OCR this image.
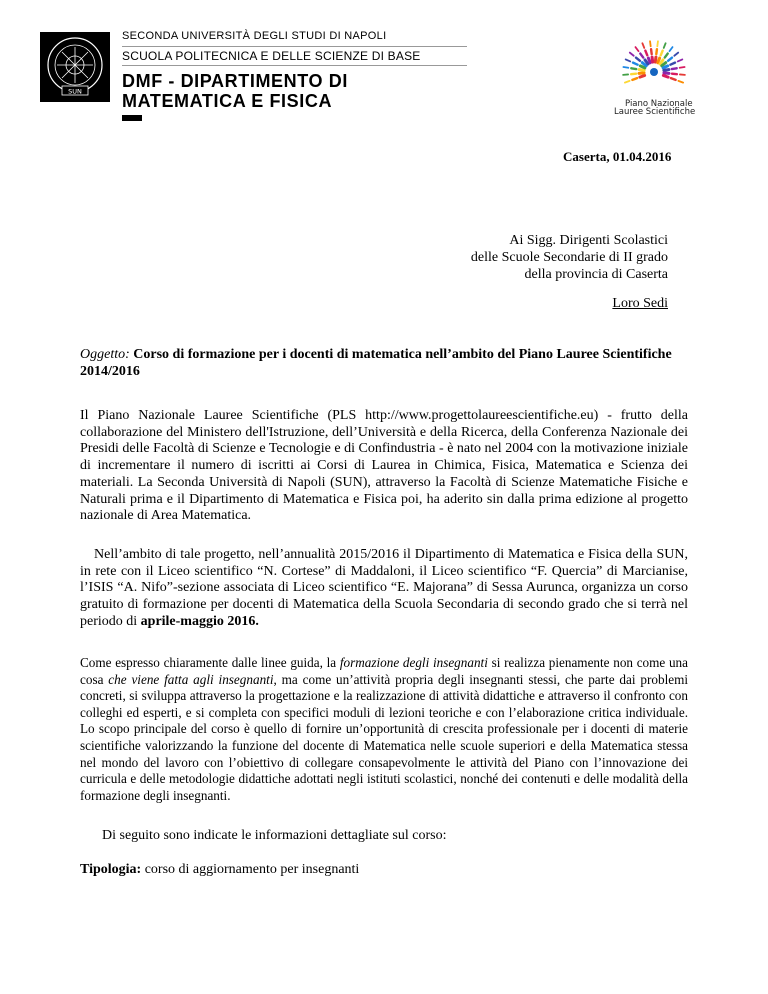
SUN
SECONDA UNIVERSITÀ DEGLI STUDI DI NAPOLI
SCUOLA POLITECNICA E DELLE SCIENZE DI BASE
DMF - DIPARTIMENTO DI
MATEMATICA E FISICA	Piano Nazionale
Lauree Scientifiche
Caserta, 01.04.2016
Ai Sigg. Dirigenti Scolastici
delle Scuole Secondarie di II grado
della provincia di Caserta
Loro Sedi
Oggetto: Corso di formazione per i docenti di matematica nell’ambito del Piano Lauree Scientifiche 2014/2016
Il Piano Nazionale Lauree Scientifiche (PLS http://www.progettolaureescientifiche.eu) - frutto della collaborazione del Ministero dell'Istruzione, dell’Università e della Ricerca, della Conferenza Nazionale dei Presidi delle Facoltà di Scienze e Tecnologie e di Confindustria - è nato nel 2004 con la motivazione iniziale di incrementare il numero di iscritti ai Corsi di Laurea in Chimica, Fisica, Matematica e Scienza dei materiali. La Seconda Università di Napoli (SUN), attraverso la Facoltà di Scienze Matematiche Fisiche e Naturali prima e il Dipartimento di Matematica e Fisica poi, ha aderito sin dalla prima edizione al progetto nazionale di Area Matematica.
Nell’ambito di tale progetto, nell’annualità 2015/2016 il Dipartimento di Matematica e Fisica della SUN, in rete con il Liceo scientifico “N. Cortese” di Maddaloni, il Liceo scientifico “F. Quercia” di Marcianise, l’ISIS “A. Nifo”-sezione associata di Liceo scientifico “E. Majorana” di Sessa Aurunca, organizza un corso gratuito di formazione per docenti di Matematica della Scuola Secondaria di secondo grado che si terrà nel periodo di aprile-maggio 2016.
Come espresso chiaramente dalle linee guida, la formazione degli insegnanti si realizza pienamente non come una cosa che viene fatta agli insegnanti, ma come un’attività propria degli insegnanti stessi, che parte dai problemi concreti, si sviluppa attraverso la progettazione e la realizzazione di attività didattiche e attraverso il confronto con colleghi ed esperti, e si completa con specifici moduli di lezioni teoriche e con l’elaborazione critica individuale. Lo scopo principale del corso è quello di fornire un’opportunità di crescita professionale per i docenti di materie scientifiche valorizzando la funzione del docente di Matematica nelle scuole superiori e della Matematica stessa nel mondo del lavoro con l’obiettivo di collegare consapevolmente le attività del Piano con l’innovazione dei curricula e delle metodologie didattiche adottati negli istituti scolastici, nonché dei contenuti e delle modalità della formazione degli insegnanti.
Di seguito sono indicate le informazioni dettagliate sul corso:
Tipologia: corso di aggiornamento per insegnanti
